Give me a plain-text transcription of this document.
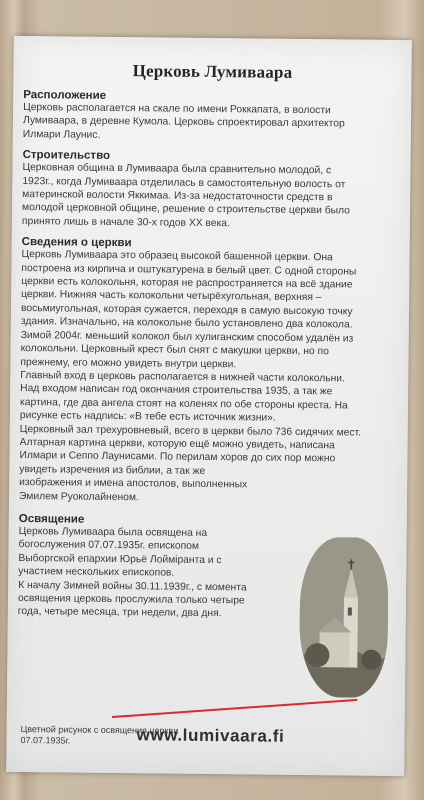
Церковь Лумиваара
Расположение

Церковь располагается на скале по имени Роккапата, в волости
Лумиваара, в деревне Кумола. Церковь спроектировал архитектор
Илмари Лаунис.

Строительство

Церковная община в Лумиваара была сравнительно молодой, с
1923г., когда Лумиваара отделилась в самостоятельную волость от
материнской волости Яккимаа. Из-за недостаточности средств в
молодой церковной общине, решение о строительстве церкви было
принято лишь в начале 30-х годов XX века.

Сведения о церкви

Церковь Лумиваара это образец высокой башенной церкви. Она
построена из кирпича и оштукатурена в белый цвет. С одной стороны
церкви есть колокольня, которая не распространяется на всё здание
церкви. Нижняя часть колокольни четырёхугольная, верхняя –
восьмиугольная, которая сужается, переходя в самую высокую точку
здания. Изначально, на колокольне было установлено два колокола.
Зимой 2004г. меньший колокол был хулиганским способом удалён из
колокольни. Церковный крест был снят с макушки церкви, но по
прежнему, его можно увидеть внутри церкви.
Главный вход в церковь располагается в нижней части колокольни.
Над входом написан год окончания строительства 1935, а так же
картина, где два ангела стоят на коленях по обе стороны креста. На
рисунке есть надпись: «В тебе есть источник жизни».
Церковный зал трехуровневый, всего в церкви было 736 сидячих мест.
Алтарная картина церкви, которую ещё можно увидеть, написана
Илмари и Сеппо Лаунисами. По перилам хоров до сих пор можно
увидеть изречения из библии, а так же
изображения и имена апостолов, выполненных
Эмилем Руоколайненом.

Освящение

Церковь Лумиваара была освящена на
богослужения 07.07.1935г. епископом
Выборгской епархии Юрьё Лойміранта и с
участием нескольких епископов.
К началу Зимней войны 30.11.1939г., с момента
освящения церковь прослужила только четыре
года, четыре месяца, три недели, два дня.

Цветной рисунок с освящения церкви
07.07.1935г.	www.lumivaara.fi
